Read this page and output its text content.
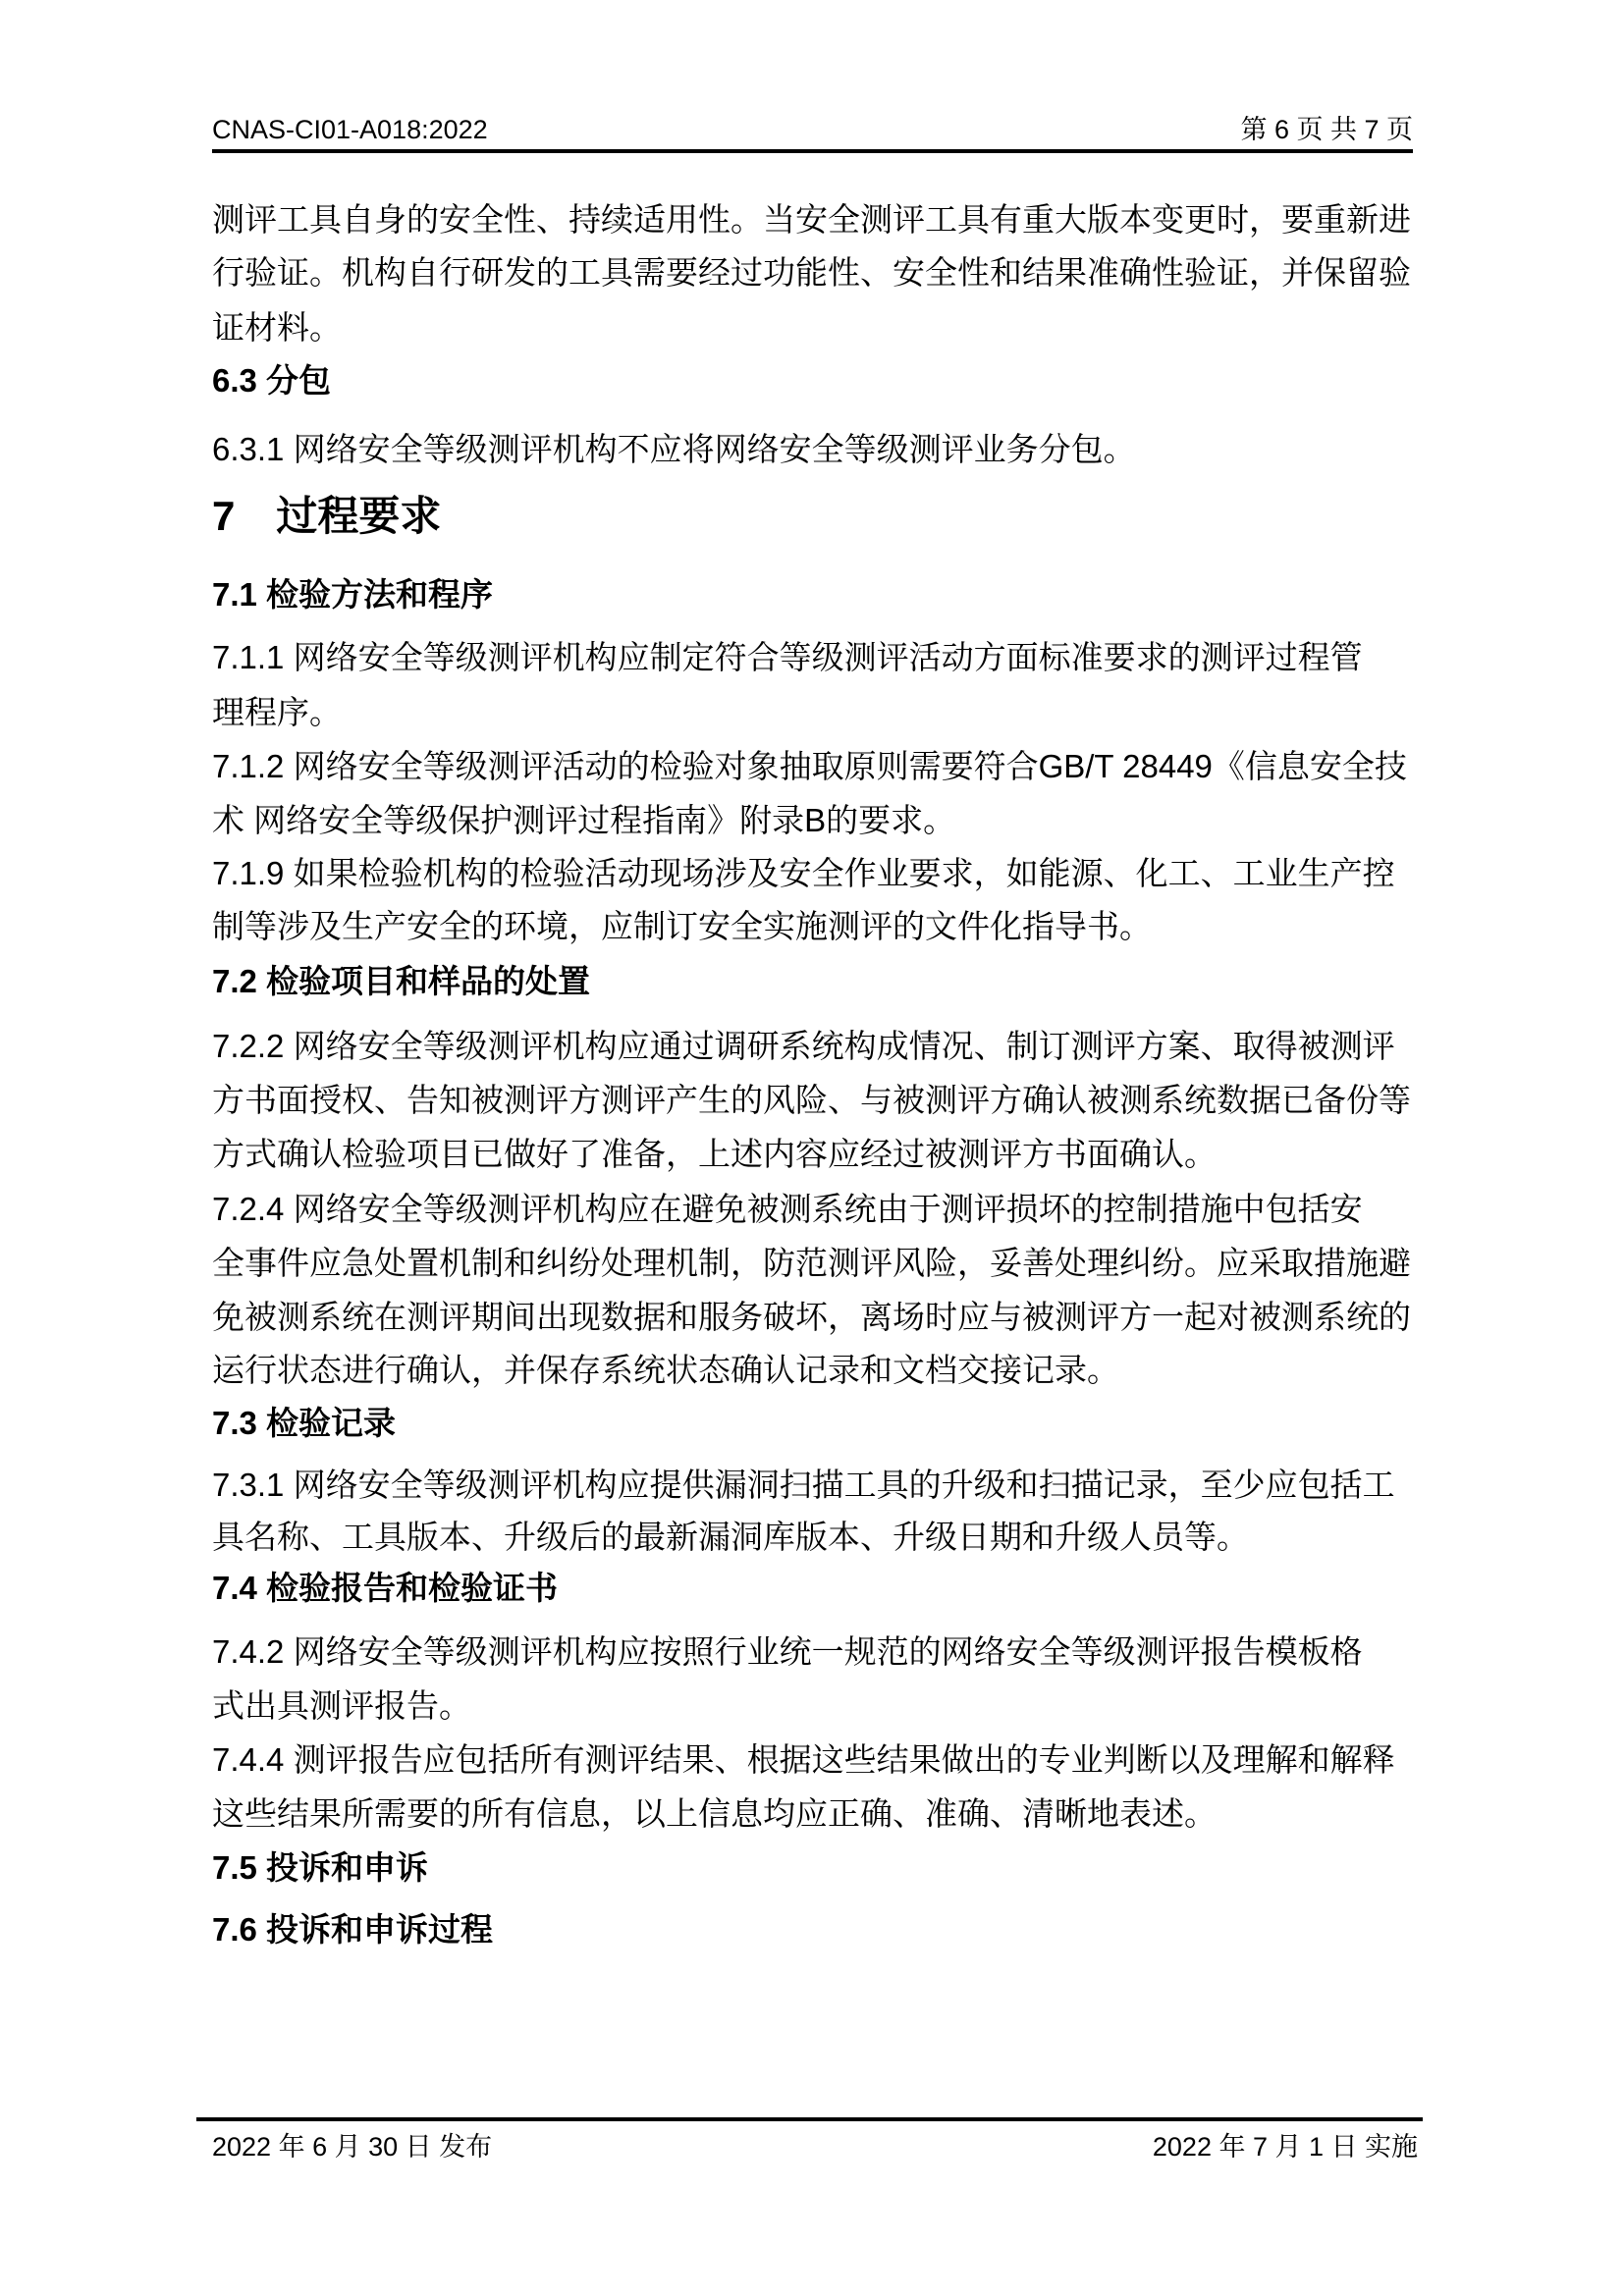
CNAS-CI01-A018:2022	第 6 页 共 7 页
测评工具自身的安全性、持续适用性。当安全测评工具有重大版本变更时，要重新进
行验证。机构自行研发的工具需要经过功能性、安全性和结果准确性验证，并保留验
证材料。
6.3 分包
6.3.1 网络安全等级测评机构不应将网络安全等级测评业务分包。
7　过程要求
7.1 检验方法和程序
7.1.1 网络安全等级测评机构应制定符合等级测评活动方面标准要求的测评过程管
理程序。
7.1.2 网络安全等级测评活动的检验对象抽取原则需要符合GB/T 28449《信息安全技
术 网络安全等级保护测评过程指南》附录B的要求。
7.1.9 如果检验机构的检验活动现场涉及安全作业要求，如能源、化工、工业生产控
制等涉及生产安全的环境，应制订安全实施测评的文件化指导书。
7.2 检验项目和样品的处置
7.2.2 网络安全等级测评机构应通过调研系统构成情况、制订测评方案、取得被测评
方书面授权、告知被测评方测评产生的风险、与被测评方确认被测系统数据已备份等
方式确认检验项目已做好了准备，上述内容应经过被测评方书面确认。
7.2.4 网络安全等级测评机构应在避免被测系统由于测评损坏的控制措施中包括安
全事件应急处置机制和纠纷处理机制，防范测评风险，妥善处理纠纷。应采取措施避
免被测系统在测评期间出现数据和服务破坏，离场时应与被测评方一起对被测系统的
运行状态进行确认，并保存系统状态确认记录和文档交接记录。
7.3 检验记录
7.3.1 网络安全等级测评机构应提供漏洞扫描工具的升级和扫描记录，至少应包括工
具名称、工具版本、升级后的最新漏洞库版本、升级日期和升级人员等。
7.4 检验报告和检验证书
7.4.2 网络安全等级测评机构应按照行业统一规范的网络安全等级测评报告模板格
式出具测评报告。
7.4.4 测评报告应包括所有测评结果、根据这些结果做出的专业判断以及理解和解释
这些结果所需要的所有信息，以上信息均应正确、准确、清晰地表述。
7.5 投诉和申诉
7.6 投诉和申诉过程
2022 年 6 月 30 日 发布	2022 年 7 月 1 日 实施
